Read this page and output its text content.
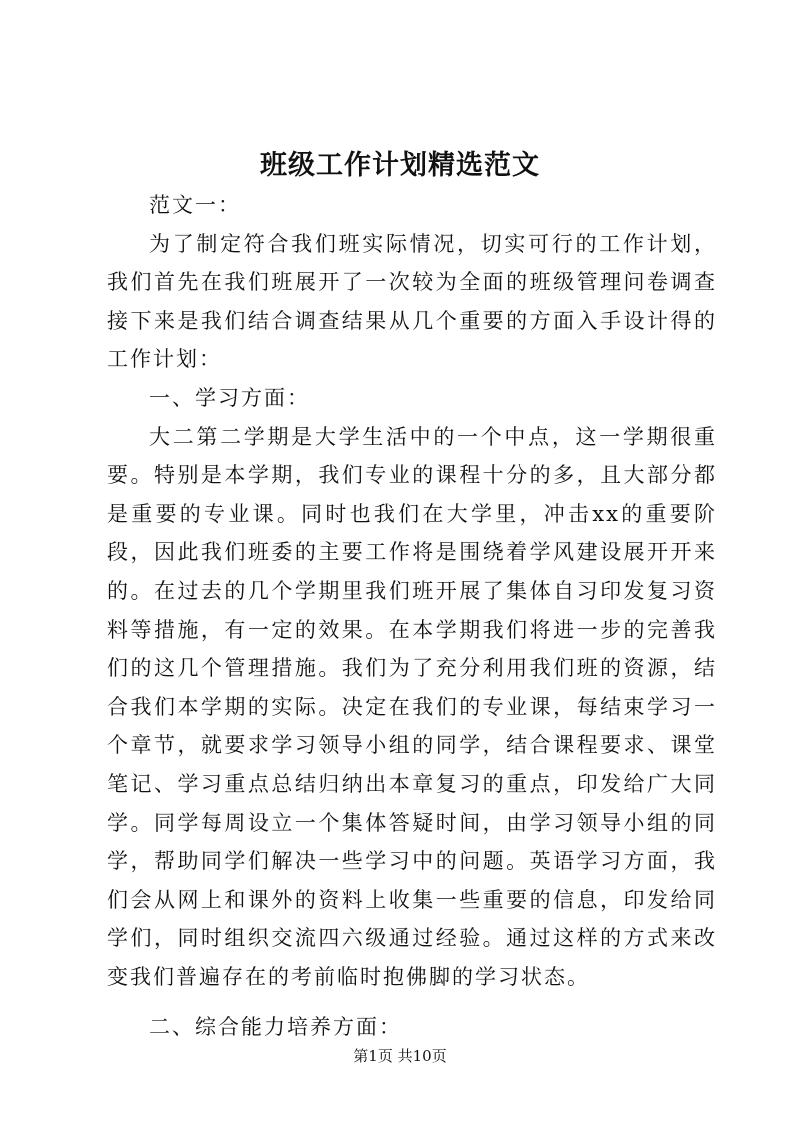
班级工作计划精选范文

范文一：

为了制定符合我们班实际情况，切实可行的工作计划，我们首先在我们班展开了一次较为全面的班级管理问卷调查接下来是我们结合调查结果从几个重要的方面入手设计得的工作计划：

一、学习方面：

大二第二学期是大学生活中的一个中点，这一学期很重要。特别是本学期，我们专业的课程十分的多，且大部分都是重要的专业课。同时也我们在大学里，冲击xx的重要阶段，因此我们班委的主要工作将是围绕着学风建设展开开来的。在过去的几个学期里我们班开展了集体自习印发复习资料等措施，有一定的效果。在本学期我们将进一步的完善我们的这几个管理措施。我们为了充分利用我们班的资源，结合我们本学期的实际。决定在我们的专业课，每结束学习一个章节，就要求学习领导小组的同学，结合课程要求、课堂笔记、学习重点总结归纳出本章复习的重点，印发给广大同学。同学每周设立一个集体答疑时间，由学习领导小组的同学，帮助同学们解决一些学习中的问题。英语学习方面，我们会从网上和课外的资料上收集一些重要的信息，印发给同学们，同时组织交流四六级通过经验。通过这样的方式来改变我们普遍存在的考前临时抱佛脚的学习状态。

二、综合能力培养方面：

第1页 共10页
